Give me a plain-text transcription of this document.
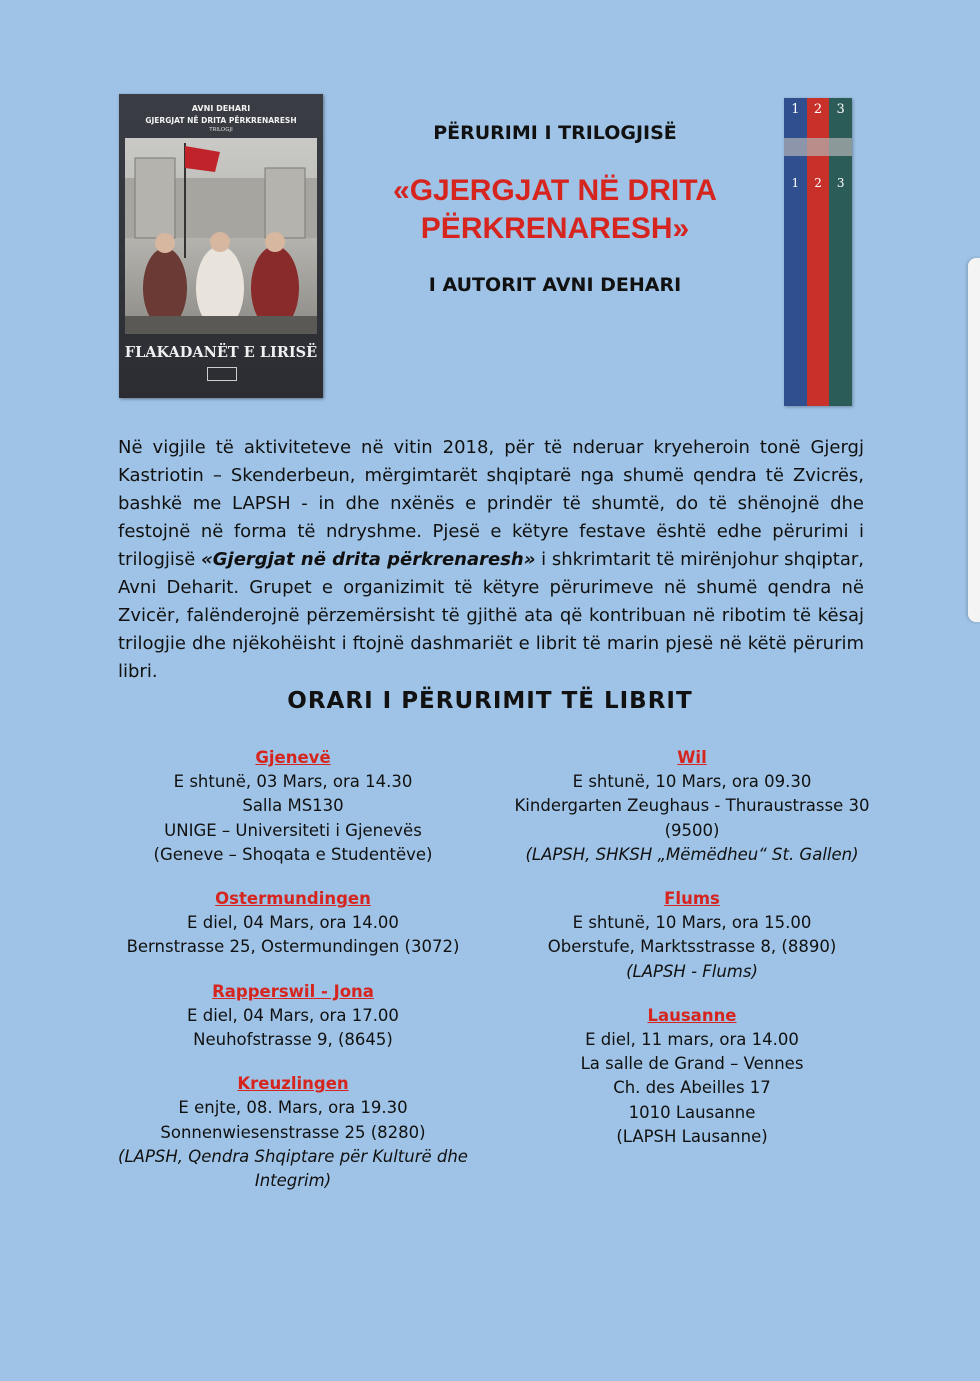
AVNI DEHARI
GJERGJAT NË DRITA PËRKRENARESH
TRILOGJI
FLAKADANËT E LIRISË
1
1
2
2
3
3
PËRURIMI I TRILOGJISË
«GJERGJAT NË DRITA
PËRKRENARESH»
I AUTORIT AVNI DEHARI
Në vigjile të aktiviteteve në vitin 2018, për të nderuar kryeheroin tonë Gjergj Kastriotin – Skenderbeun, mërgimtarët shqiptarë nga shumë qendra të Zvicrës, bashkë me LAPSH - in dhe nxënës e prindër të shumtë, do të shënojnë dhe festojnë në forma të ndryshme. Pjesë e këtyre festave është edhe përurimi i trilogjisë «Gjergjat në drita përkrenaresh» i shkrimtarit të mirënjohur shqiptar, Avni Deharit. Grupet e organizimit të këtyre përurimeve në shumë qendra në Zvicër, falënderojnë përzemërsisht të gjithë ata që kontribuan në ribotim të kësaj trilogjie dhe njëkohëisht i ftojnë dashmariët e librit të marin pjesë në këtë përurim libri.
ORARI I PËRURIMIT TË LIBRIT
Gjenevë
E shtunë, 03 Mars, ora 14.30
Salla MS130
UNIGE – Universiteti i Gjenevës
(Geneve – Shoqata e Studentëve)
Ostermundingen
E diel, 04 Mars, ora 14.00
Bernstrasse 25, Ostermundingen (3072)
Rapperswil - Jona
E diel, 04 Mars, ora 17.00
Neuhofstrasse 9, (8645)
Kreuzlingen
E enjte, 08. Mars, ora 19.30
Sonnenwiesenstrasse 25 (8280)
(LAPSH, Qendra Shqiptare për Kulturë dhe Integrim)
Wil
E shtunë, 10 Mars, ora 09.30
Kindergarten Zeughaus - Thuraustrasse 30
(9500)
(LAPSH, SHKSH „Mëmëdheu“ St. Gallen)
Flums
E shtunë, 10 Mars, ora 15.00
Oberstufe, Marktsstrasse 8, (8890)
(LAPSH - Flums)
Lausanne
E diel, 11 mars, ora 14.00
La salle de Grand – Vennes
Ch. des Abeilles 17
1010 Lausanne
(LAPSH Lausanne)
